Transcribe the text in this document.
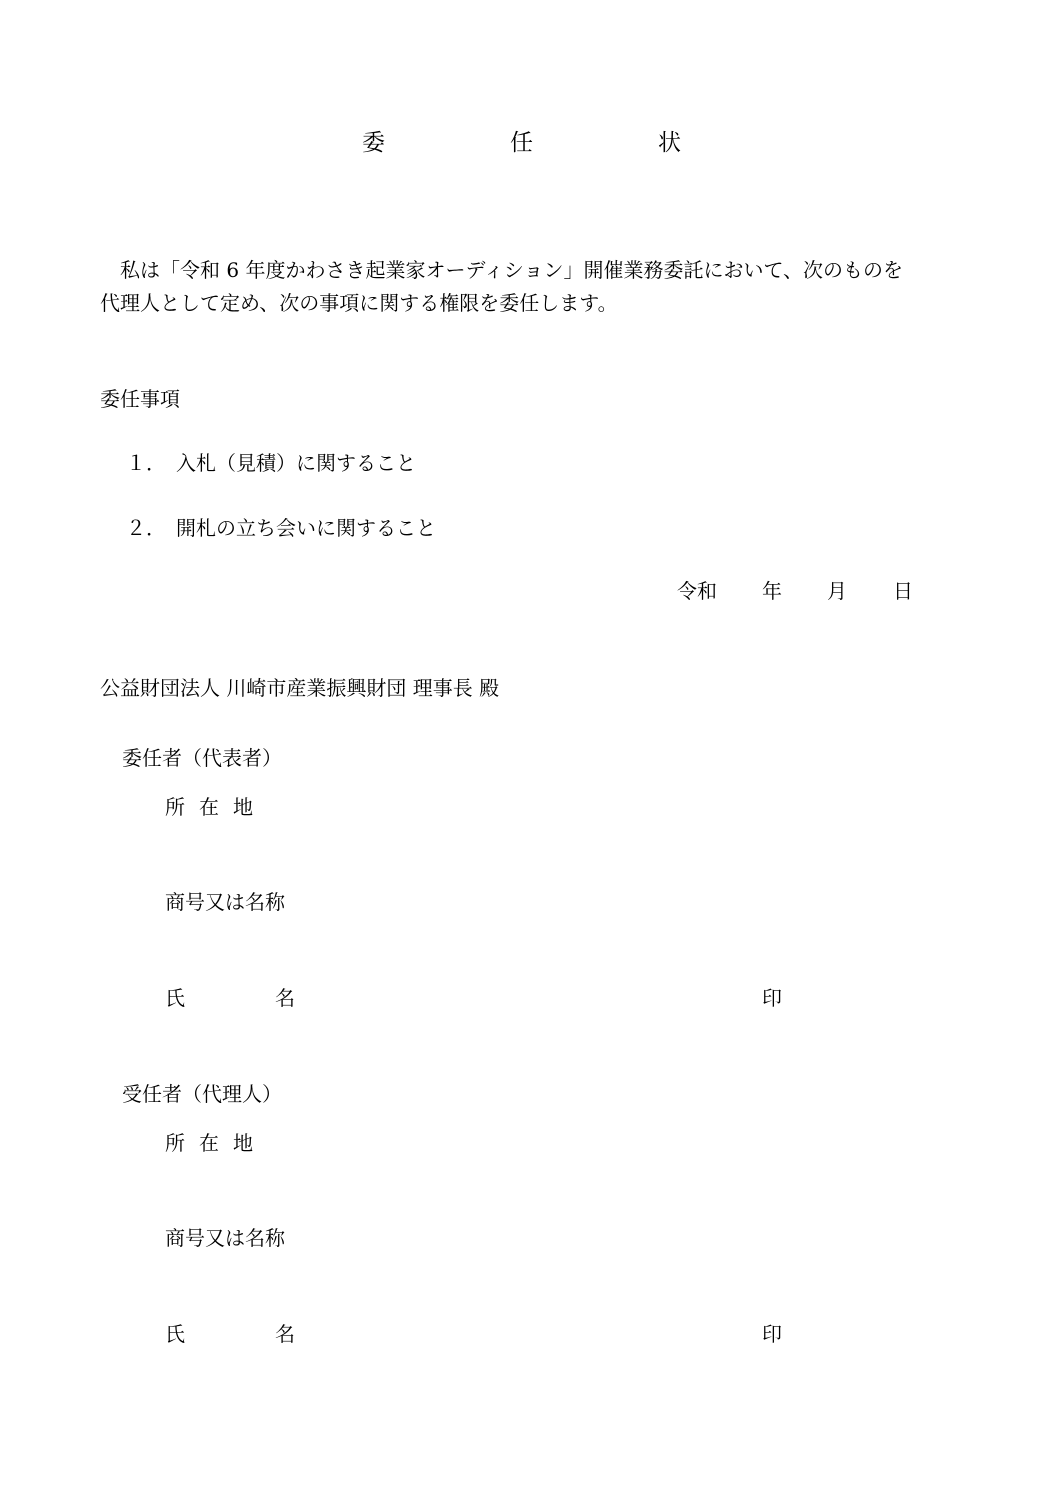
委	任	状
　私は「令和 6 年度かわさき起業家オーディション」開催業務委託において、次のものを
代理人として定め、次の事項に関する権限を委任します。
委任事項
１． 入札（見積）に関すること
２． 開札の立ち会いに関すること
令和 年 月 日
公益財団法人 川崎市産業振興財団 理事長 殿
委任者（代表者）
所在地
商号又は名称
氏名	印
受任者（代理人）
所在地
商号又は名称
氏名	印
